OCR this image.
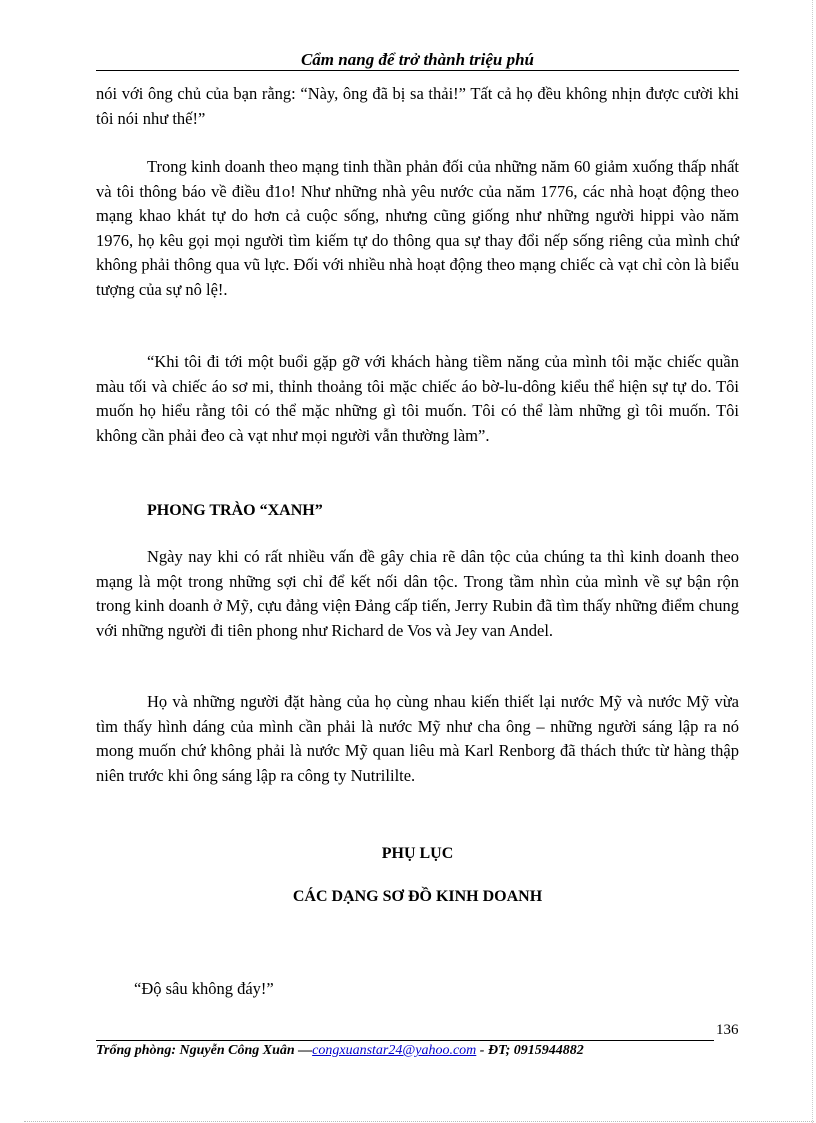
Cẩm nang để trở thành triệu phú
nói với ông chủ của bạn rằng: “Này, ông đã bị sa thải!” Tất cả họ đều không nhịn được cười khi tôi nói như thế!”
Trong kinh doanh theo mạng tinh thần phản đối của những năm 60 giảm xuống thấp nhất và tôi thông báo về điều đ1o! Như những nhà yêu nước của năm 1776, các nhà hoạt động theo mạng khao khát tự do hơn cả cuộc sống, nhưng cũng giống như những người hippi vào năm 1976, họ kêu gọi mọi người tìm kiếm tự do thông qua sự thay đổi nếp sống riêng của mình chứ không phải thông qua vũ lực. Đối với nhiều nhà hoạt động theo mạng chiếc cà vạt chỉ còn là biểu tượng của sự nô lệ!.
“Khi tôi đi tới một buổi gặp gỡ với khách hàng tiềm năng của mình tôi mặc chiếc quần màu tối và chiếc áo sơ mi, thỉnh thoảng tôi mặc chiếc áo bờ-lu-dông kiểu thể hiện sự tự do. Tôi muốn họ hiểu rằng tôi có thể mặc những gì tôi muốn. Tôi có thể làm những gì tôi muốn. Tôi không cần phải đeo cà vạt như mọi người vẫn thường làm”.
PHONG TRÀO “XANH”
Ngày nay khi có rất nhiều vấn đề gây chia rẽ dân tộc của chúng ta thì kinh doanh theo mạng là một trong những sợi chỉ để kết nối dân tộc. Trong tầm nhìn của mình về sự bận rộn trong kinh doanh ở Mỹ, cựu đảng viện Đảng cấp tiến, Jerry Rubin đã tìm thấy những điểm chung với những người đi tiên phong như Richard de Vos và Jey van Andel.
Họ và những người đặt hàng của họ cùng nhau kiến thiết lại nước Mỹ và nước Mỹ vừa tìm thấy hình dáng của mình cần phải là nước Mỹ như cha ông – những người sáng lập ra nó mong muốn chứ không phải là nước Mỹ quan liêu mà Karl Renborg đã thách thức từ hàng thập niên trước khi ông sáng lập ra công ty Nutrililte.
PHỤ LỤC
CÁC DẠNG SƠ ĐỒ KINH DOANH
“Độ sâu không đáy!”
136
Trổng phòng: Nguyễn Công Xuân —congxuanstar24@yahoo.com - ĐT; 0915944882
